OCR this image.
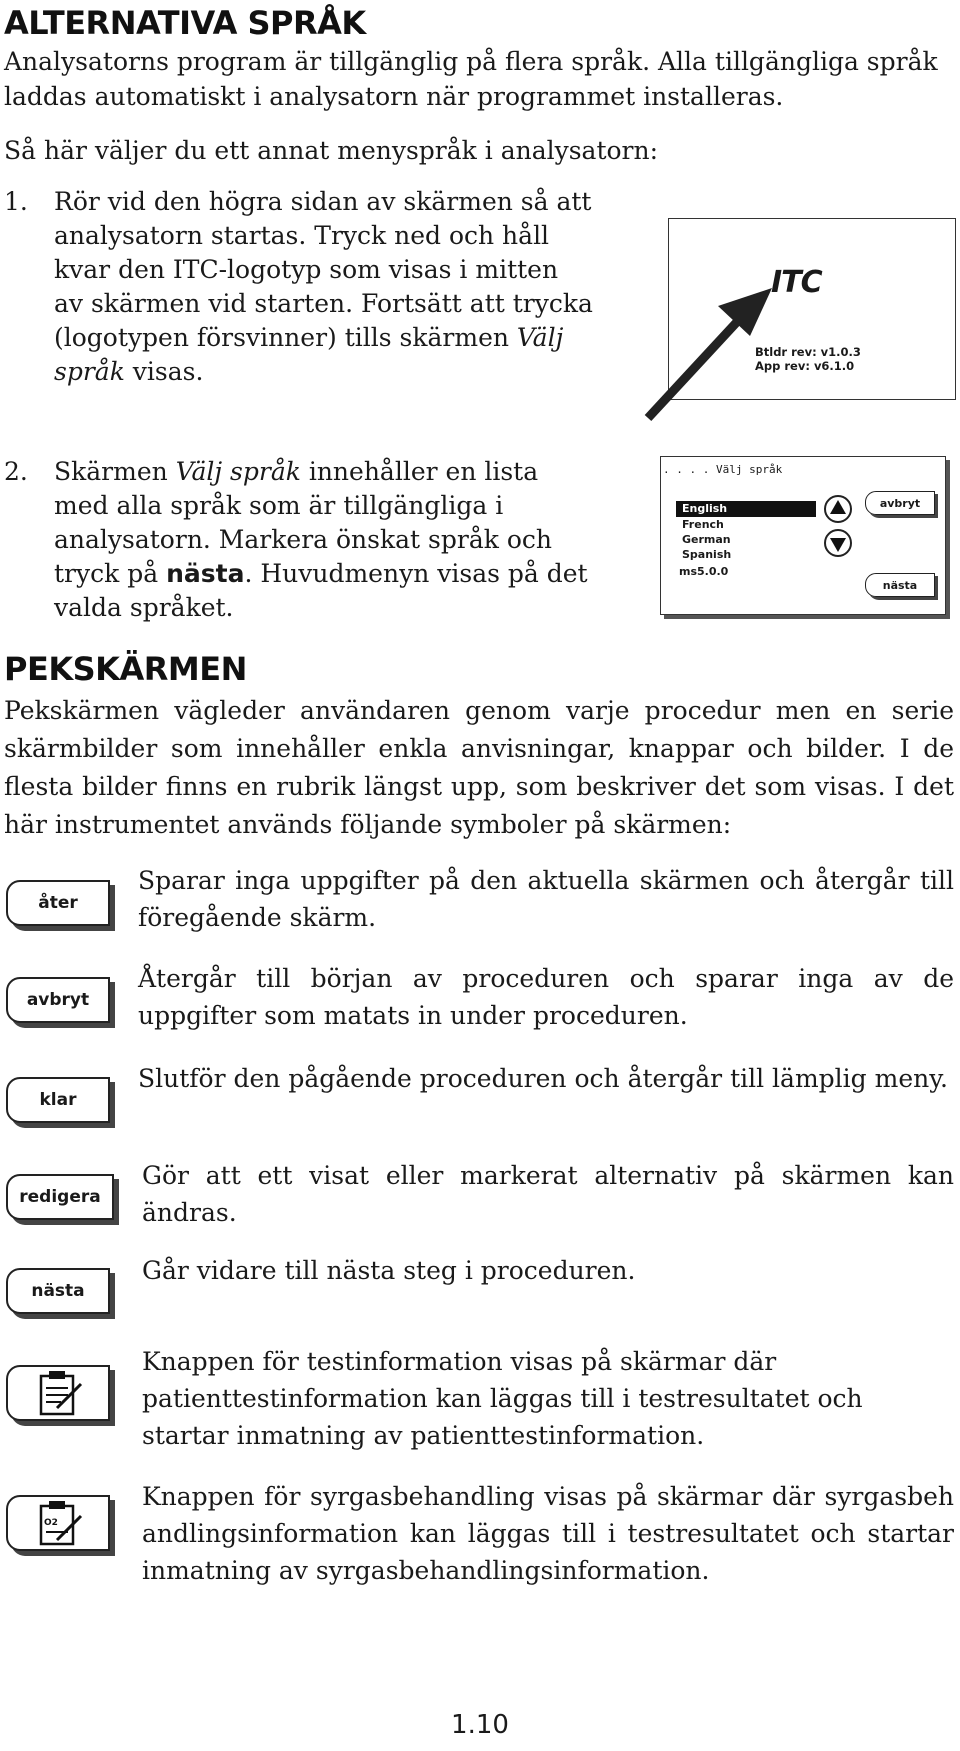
ALTERNATIVA SPRÅK
Analysatorns program är tillgänglig på flera språk. Alla tillgängliga språk laddas automatiskt i analysatorn när programmet installeras.
Så här väljer du ett annat menyspråk i analysatorn:
1. Rör vid den högra sidan av skärmen så att analysatorn startas. Tryck ned och håll kvar den ITC-logotyp som visas i mitten av skärmen vid starten. Fortsätt att trycka (logotypen försvinner) tills skärmen Välj språk visas.
2. Skärmen Välj språk innehåller en lista med alla språk som är tillgängliga i analysatorn. Markera önskat språk och tryck på nästa. Huvudmenyn visas på det valda språket.
ITC
Btldr rev: v1.0.3
App rev: v6.1.0
. . . . Välj språk
English
French
German
Spanish
ms5.0.0
avbryt
nästa
PEKSKÄRMEN
Pekskärmen vägleder användaren genom varje procedur men en serie skärmbilder som innehåller enkla anvisningar, knappar och bilder. I de flesta bilder finns en rubrik längst upp, som beskriver det som visas. I det här instrumentet används följande symboler på skärmen:
åter
Sparar inga uppgifter på den aktuella skärmen och återgår till föregående skärm.
avbryt
Återgår till början av proceduren och sparar inga av de uppgifter som matats in under proceduren.
klar
Slutför den pågående proceduren och återgår till lämplig meny.
redigera
Gör att ett visat eller markerat alternativ på skärmen kan ändras.
nästa
Går vidare till nästa steg i proceduren.
Knappen för testinformation visas på skärmar där patienttestinformation kan läggas till i testresultatet och startar inmatning av patienttestinformation.
O2
Knappen för syrgasbehandling visas på skärmar där syrgasbeh andlingsinformation kan läggas till i testresultatet och startar inmatning av syrgasbehandlingsinformation.
1.10
